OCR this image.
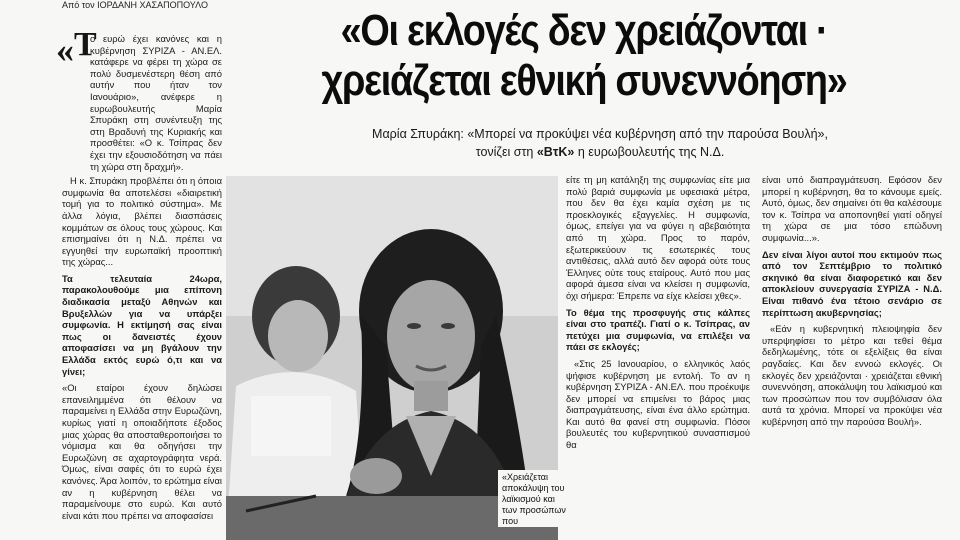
Από τον ΙΟΡΔΑΝΗ ΧΑΣΑΠΟΠΟΥΛΟ
«Οι εκλογές δεν χρειάζονται ·
χρειάζεται εθνική συνεννόηση»
Μαρία Σπυράκη: «Μπορεί να προκύψει νέα κυβέρνηση από την παρούσα Βουλή»,
τονίζει στη «ΒτΚ» η ευρωβουλευτής της Ν.Δ.
« Τ

ο ευρώ έχει κανόνες και η κυβέρνηση ΣΥΡΙΖΑ - ΑΝ.ΕΛ. κατάφερε να φέρει τη χώρα σε πολύ δυσμενέστερη θέση από αυτήν που ήταν τον Ιανουάριο», ανέφερε η ευρωβουλευτής Μαρία Σπυράκη στη συνέντευξη της στη Βραδυνή της Κυριακής και προσθέτει: «Ο κ. Τσίπρας δεν έχει την εξουσιοδότηση να πάει τη χώρα στη δραχμή».

Η κ. Σπυράκη προβλέπει ότι η όποια συμφωνία θα αποτελέσει «διαιρετική τομή για το πολιτικό σύστημα». Με άλλα λόγια, βλέπει διασπάσεις κομμάτων σε όλους τους χώρους. Και επισημαίνει ότι η Ν.Δ. πρέπει να εγγυηθεί την ευρωπαϊκή προοπτική της χώρας...

Τα τελευταία 24ωρα, παρακολουθούμε μια επίπονη διαδικασία μεταξύ Αθηνών και Βρυξελλών για να υπάρξει συμφωνία. Η εκτίμησή σας είναι πως οι δανειστές έχουν αποφασίσει να μη βγάλουν την Ελλάδα εκτός ευρώ ό,τι και να γίνει;

«Οι εταίροι έχουν δηλώσει επανειλημμένα ότι θέλουν να παραμείνει η Ελλάδα στην Ευρωζώνη, κυρίως γιατί η οποιαδήποτε έξοδος μιας χώρας θα αποσταθεροποιήσει το νόμισμα και θα οδηγήσει την Ευρωζώνη σε αχαρτογράφητα νερά. Όμως, είναι σαφές ότι το ευρώ έχει κανόνες. Άρα λοιπόν, το ερώτημα είναι αν η κυβέρνηση θέλει να παραμείνουμε στο ευρώ. Και αυτό είναι κάτι που πρέπει να αποφασίσει

«Χρειάζεται αποκάλυψη του λαϊκισμού και των προσώπων που

είτε τη μη κατάληξη της συμφωνίας είτε μια πολύ βαριά συμφωνία με υφεσιακά μέτρα, που δεν θα έχει καμία σχέση με τις προεκλογικές εξαγγελίες. Η συμφωνία, όμως, επείγει για να φύγει η αβεβαιότητα από τη χώρα. Προς το παρόν, εξωτερικεύουν τις εσωτερικές τους αντιθέσεις, αλλά αυτό δεν αφορά ούτε τους Έλληνες ούτε τους εταίρους. Αυτό που μας αφορά άμεσα είναι να κλείσει η συμφωνία, όχι σήμερα: Έπρεπε να είχε κλείσει χθες».

Το θέμα της προσφυγής στις κάλπες είναι στο τραπέζι. Γιατί ο κ. Τσίπρας, αν πετύχει μια συμφωνία, να επιλέξει να πάει σε εκλογές;

«Στις 25 Ιανουαρίου, ο ελληνικός λαός ψήφισε κυβέρνηση με εντολή. Το αν η κυβέρνηση ΣΥΡΙΖΑ - ΑΝ.ΕΛ. που προέκυψε δεν μπορεί να επιμείνει το βάρος μιας διαπραγμάτευσης, είναι ένα άλλο ερώτημα. Και αυτό θα φανεί στη συμφωνία. Πόσοι βουλευτές του κυβερνητικού συνασπισμού θα

είναι υπό διαπραγμάτευση. Εφόσον δεν μπορεί η κυβέρνηση, θα το κάνουμε εμείς. Αυτό, όμως, δεν σημαίνει ότι θα καλέσουμε τον κ. Τσίπρα να αποπονηθεί γιατί οδηγεί τη χώρα σε μια τόσο επώδυνη συμφωνία...».

Δεν είναι λίγοι αυτοί που εκτιμούν πως από τον Σεπτέμβριο το πολιτικό σκηνικό θα είναι διαφορετικό και δεν αποκλείουν συνεργασία ΣΥΡΙΖΑ - Ν.Δ. Είναι πιθανό ένα τέτοιο σενάριο σε περίπτωση ακυβερνησίας;

«Εάν η κυβερνητική πλειοψηφία δεν υπερψηφίσει το μέτρο και τεθεί θέμα δεδηλωμένης, τότε οι εξελίξεις θα είναι ραγδαίες. Και δεν εννοώ εκλογές. Οι εκλογές δεν χρειάζονται · χρειάζεται εθνική συνεννόηση, αποκάλυψη του λαϊκισμού και των προσώπων που τον συμβόλισαν όλα αυτά τα χρόνια. Μπορεί να προκύψει νέα κυβέρνηση από την παρούσα Βουλή».
